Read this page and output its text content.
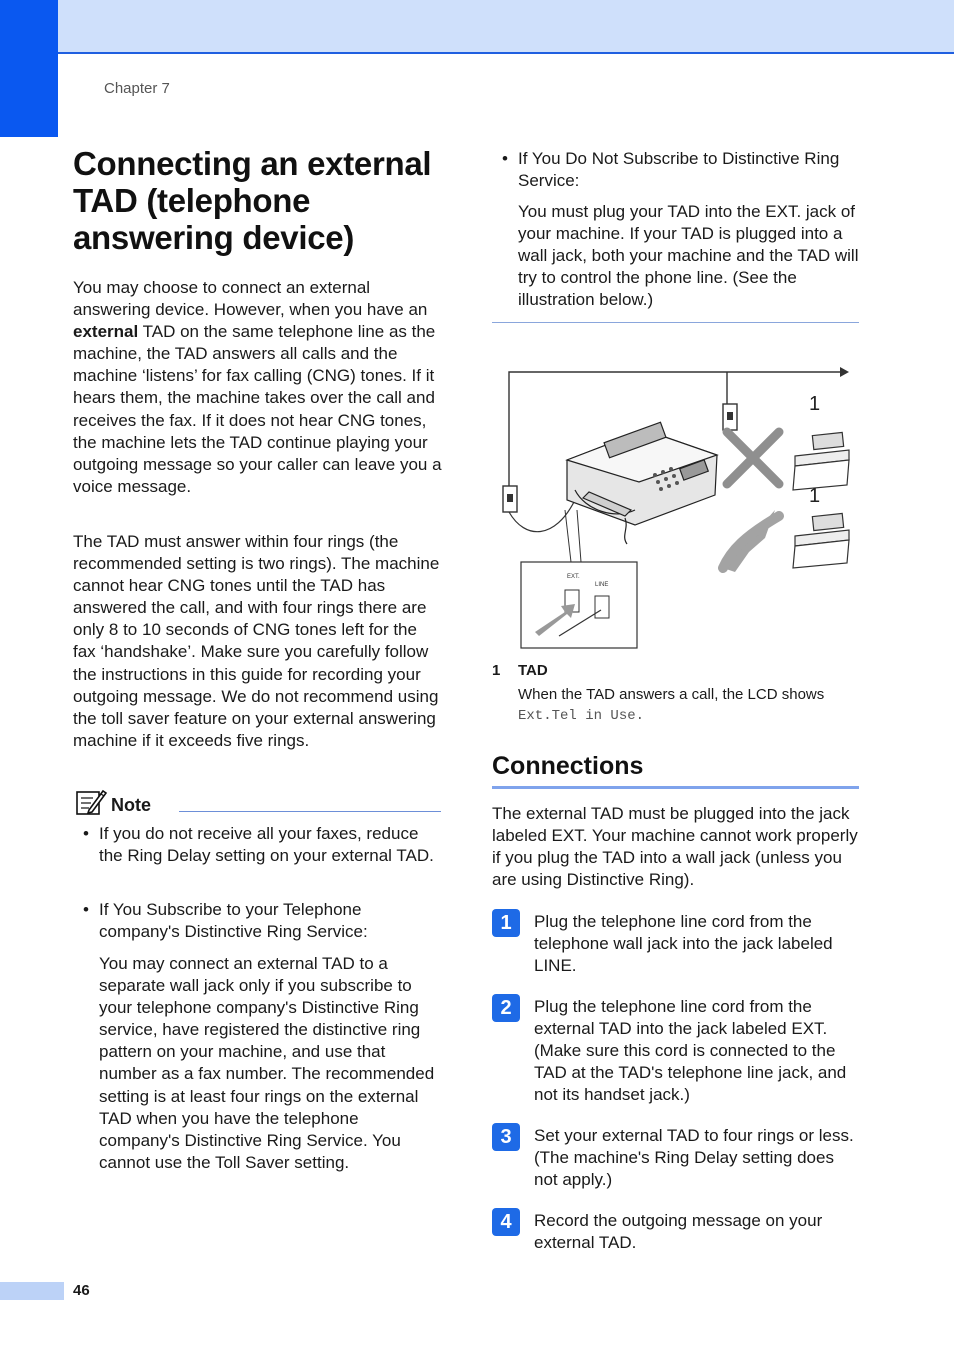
Chapter 7
Connecting an external TAD (telephone answering device)
You may choose to connect an external answering device. However, when you have an external TAD on the same telephone line as the machine, the TAD answers all calls and the machine ‘listens’ for fax calling (CNG) tones. If it hears them, the machine takes over the call and receives the fax. If it does not hear CNG tones, the machine lets the TAD continue playing your outgoing message so your caller can leave you a voice message.
The TAD must answer within four rings (the recommended setting is two rings). The machine cannot hear CNG tones until the TAD has answered the call, and with four rings there are only 8 to 10 seconds of CNG tones left for the fax ‘handshake’. Make sure you carefully follow the instructions in this guide for recording your outgoing message. We do not recommend using the toll saver feature on your external answering machine if it exceeds five rings.
Note
• If you do not receive all your faxes, reduce the Ring Delay setting on your external TAD.
• If You Subscribe to your Telephone company's Distinctive Ring Service:
You may connect an external TAD to a separate wall jack only if you subscribe to your telephone company's Distinctive Ring service, have registered the distinctive ring pattern on your machine, and use that number as a fax number. The recommended setting is at least four rings on the external TAD when you have the telephone company's Distinctive Ring Service. You cannot use the Toll Saver setting.
• If You Do Not Subscribe to Distinctive Ring Service:
You must plug your TAD into the EXT. jack of your machine. If your TAD is plugged into a wall jack, both your machine and the TAD will try to control the phone line. (See the illustration below.)
1
1
EXT.
LINE
1 TAD
When the TAD answers a call, the LCD shows Ext.Tel in Use.
Connections
The external TAD must be plugged into the jack labeled EXT. Your machine cannot work properly if you plug the TAD into a wall jack (unless you are using Distinctive Ring).
1	Plug the telephone line cord from the telephone wall jack into the jack labeled LINE.
2	Plug the telephone line cord from the external TAD into the jack labeled EXT. (Make sure this cord is connected to the TAD at the TAD's telephone line jack, and not its handset jack.)
3	Set your external TAD to four rings or less. (The machine's Ring Delay setting does not apply.)
4	Record the outgoing message on your external TAD.
46
